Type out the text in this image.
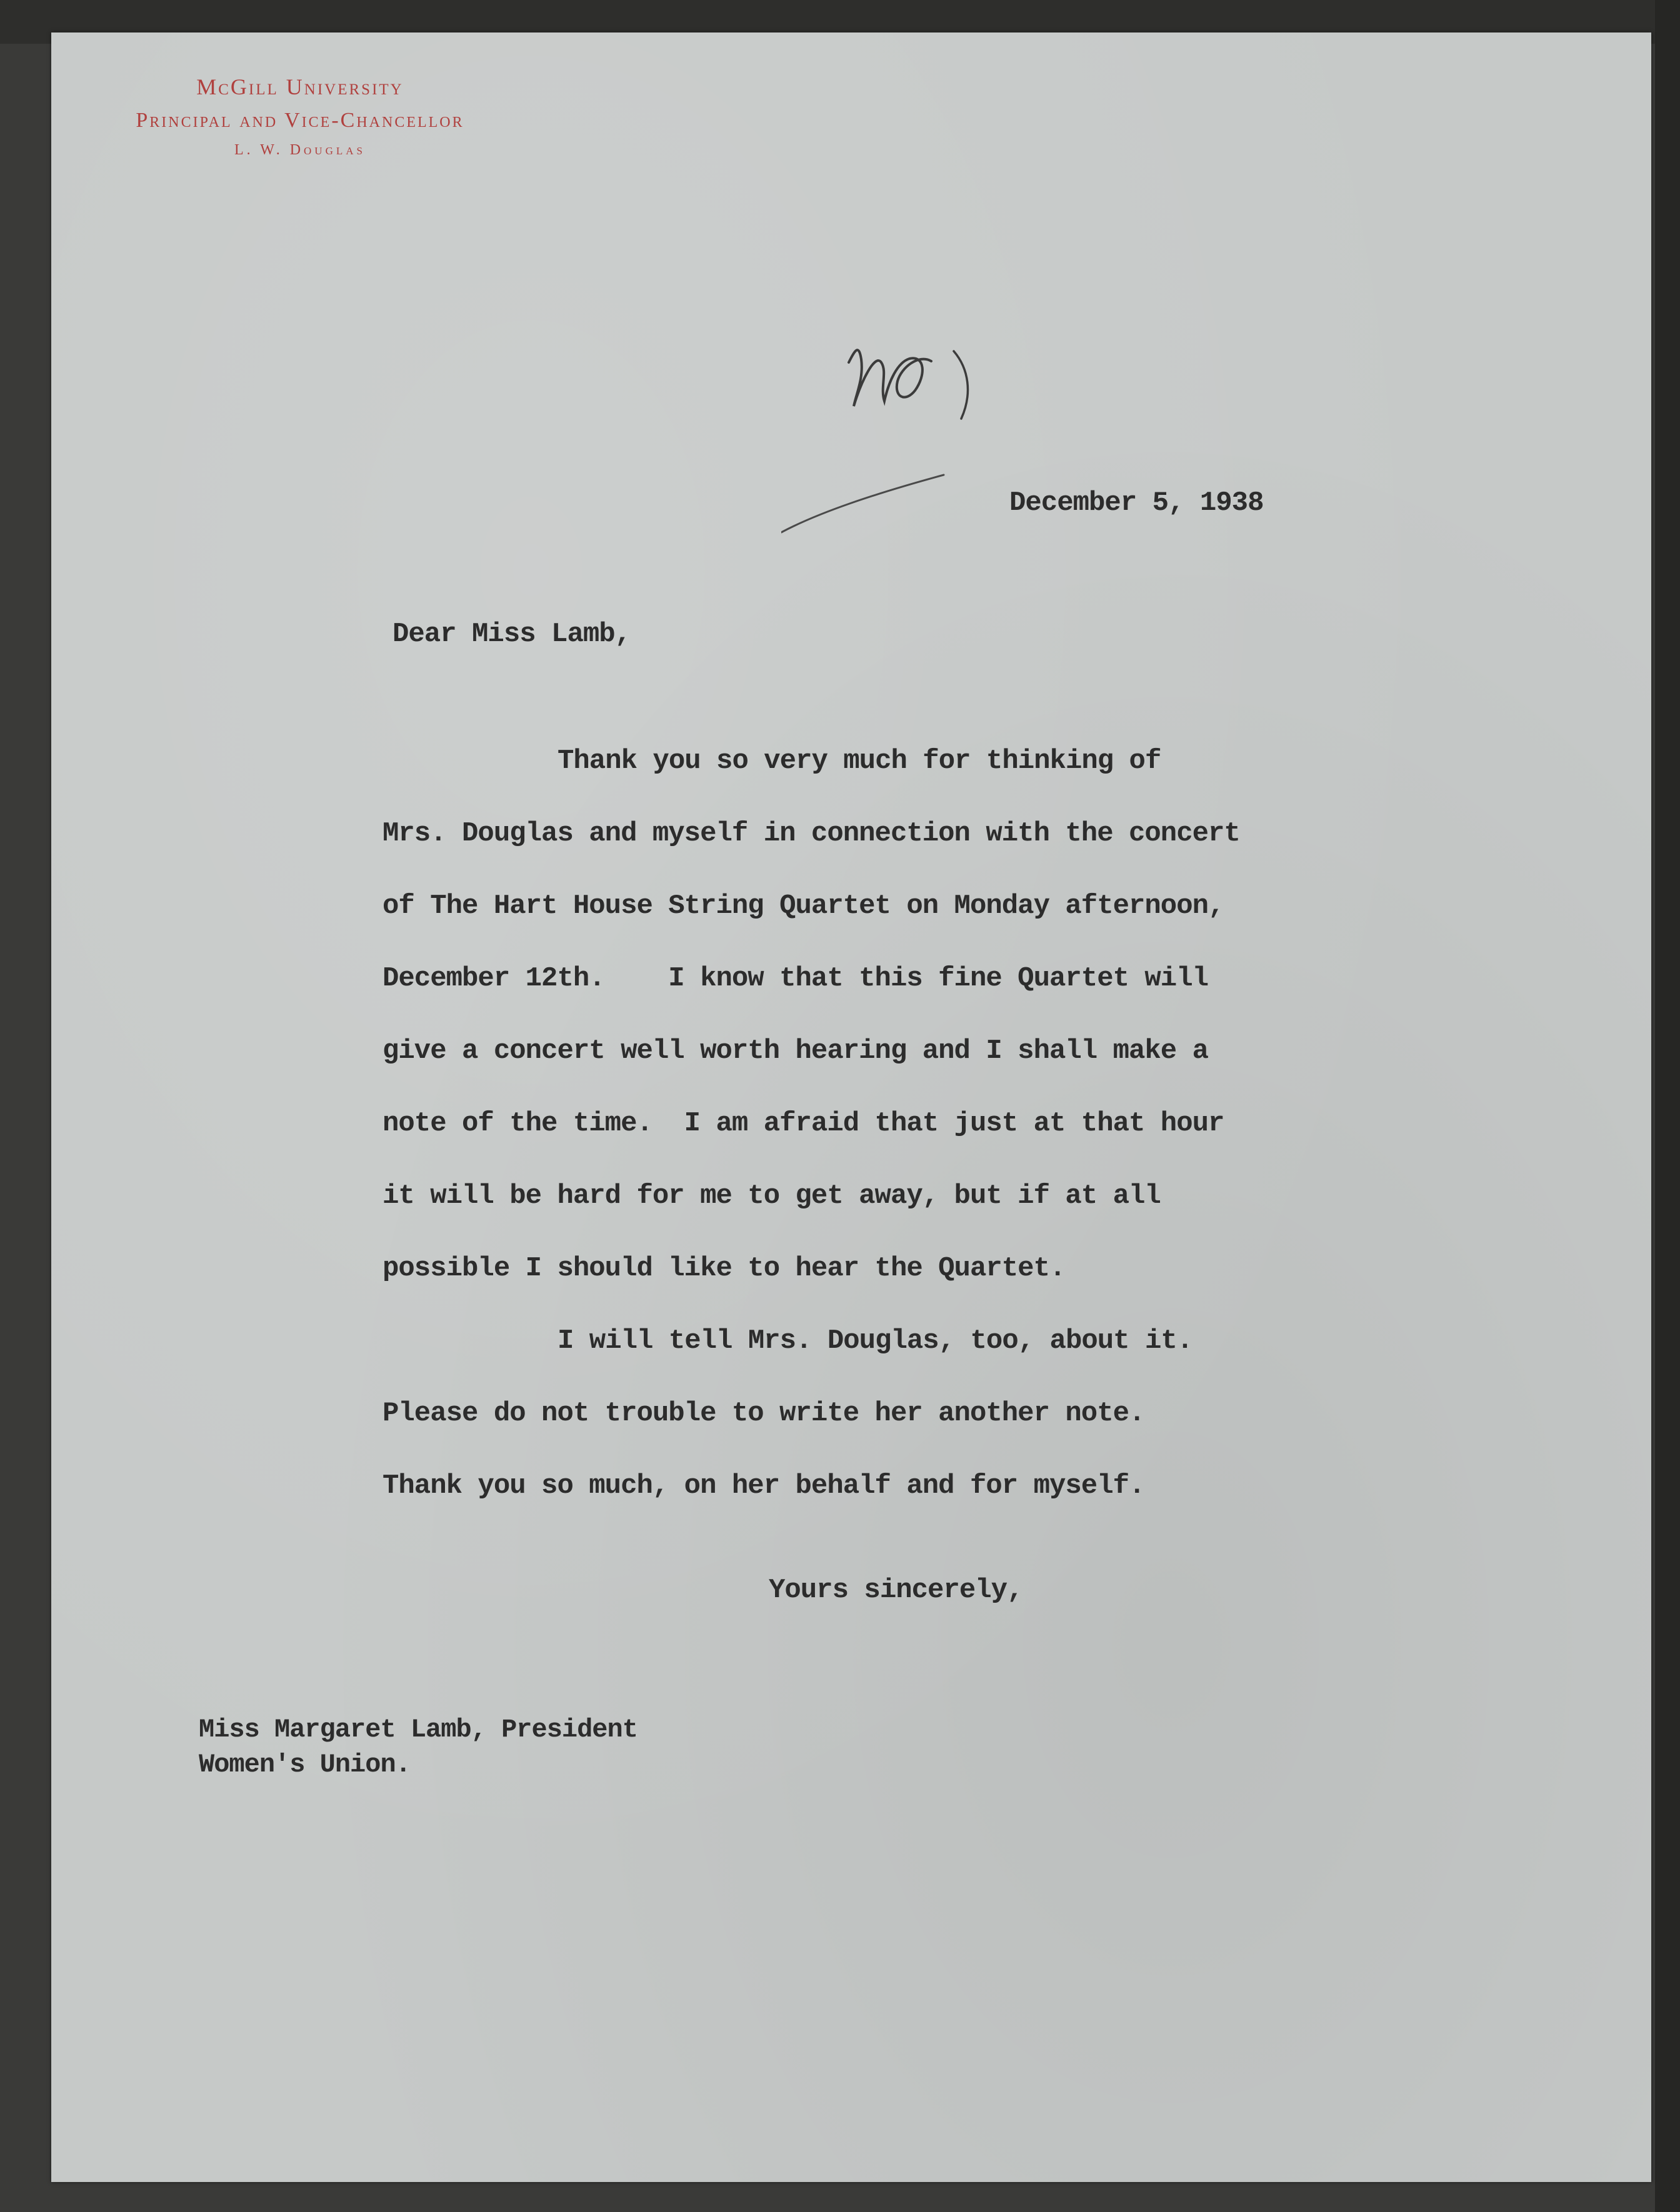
McGill University
Principal and Vice-Chancellor
L. W. Douglas
December 5, 1938
Dear Miss Lamb,
Thank you so very much for thinking of
Mrs. Douglas and myself in connection with the concert
of The Hart House String Quartet on Monday afternoon,
December 12th.    I know that this fine Quartet will
give a concert well worth hearing and I shall make a
note of the time.  I am afraid that just at that hour
it will be hard for me to get away, but if at all
possible I should like to hear the Quartet.
I will tell Mrs. Douglas, too, about it.
Please do not trouble to write her another note.
Thank you so much, on her behalf and for myself.
Yours sincerely,
Miss Margaret Lamb, President
Women's Union.
